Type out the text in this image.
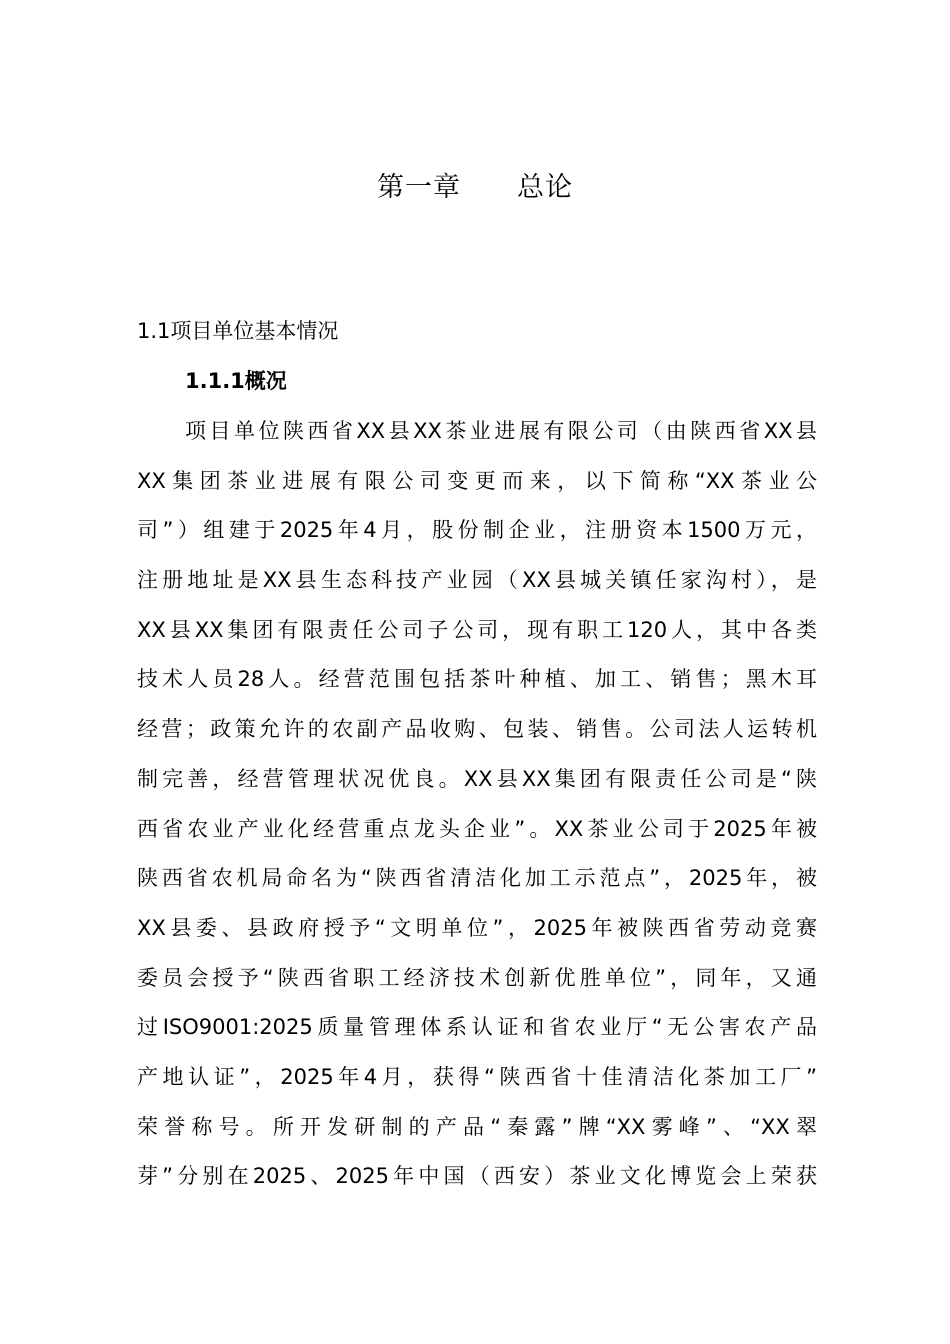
第一章 总论
1.1项目单位基本情况
1.1.1概况
项目单位陕西省XX县XX茶业进展有限公司（由陕西省XX县
XX集团茶业进展有限公司变更而来，以下简称“XX茶业公
司”）组建于2025年4月，股份制企业，注册资本1500万元，
注册地址是XX县生态科技产业园（XX县城关镇任家沟村），是
XX县XX集团有限责任公司子公司，现有职工120人，其中各类
技术人员28人。经营范围包括茶叶种植、加工、销售；黑木耳
经营；政策允许的农副产品收购、包装、销售。公司法人运转机
制完善，经营管理状况优良。XX县XX集团有限责任公司是“陕
西省农业产业化经营重点龙头企业”。XX茶业公司于2025年被
陕西省农机局命名为“陕西省清洁化加工示范点”，2025年，被
XX县委、县政府授予“文明单位”，2025年被陕西省劳动竞赛
委员会授予“陕西省职工经济技术创新优胜单位”，同年，又通
过ISO9001:2025质量管理体系认证和省农业厅“无公害农产品
产地认证”，2025年4月，获得“陕西省十佳清洁化茶加工厂”
荣誉称号。所开发研制的产品“秦露”牌“XX雾峰”、“XX翠
芽”分别在2025、2025年中国（西安）茶业文化博览会上荣获
